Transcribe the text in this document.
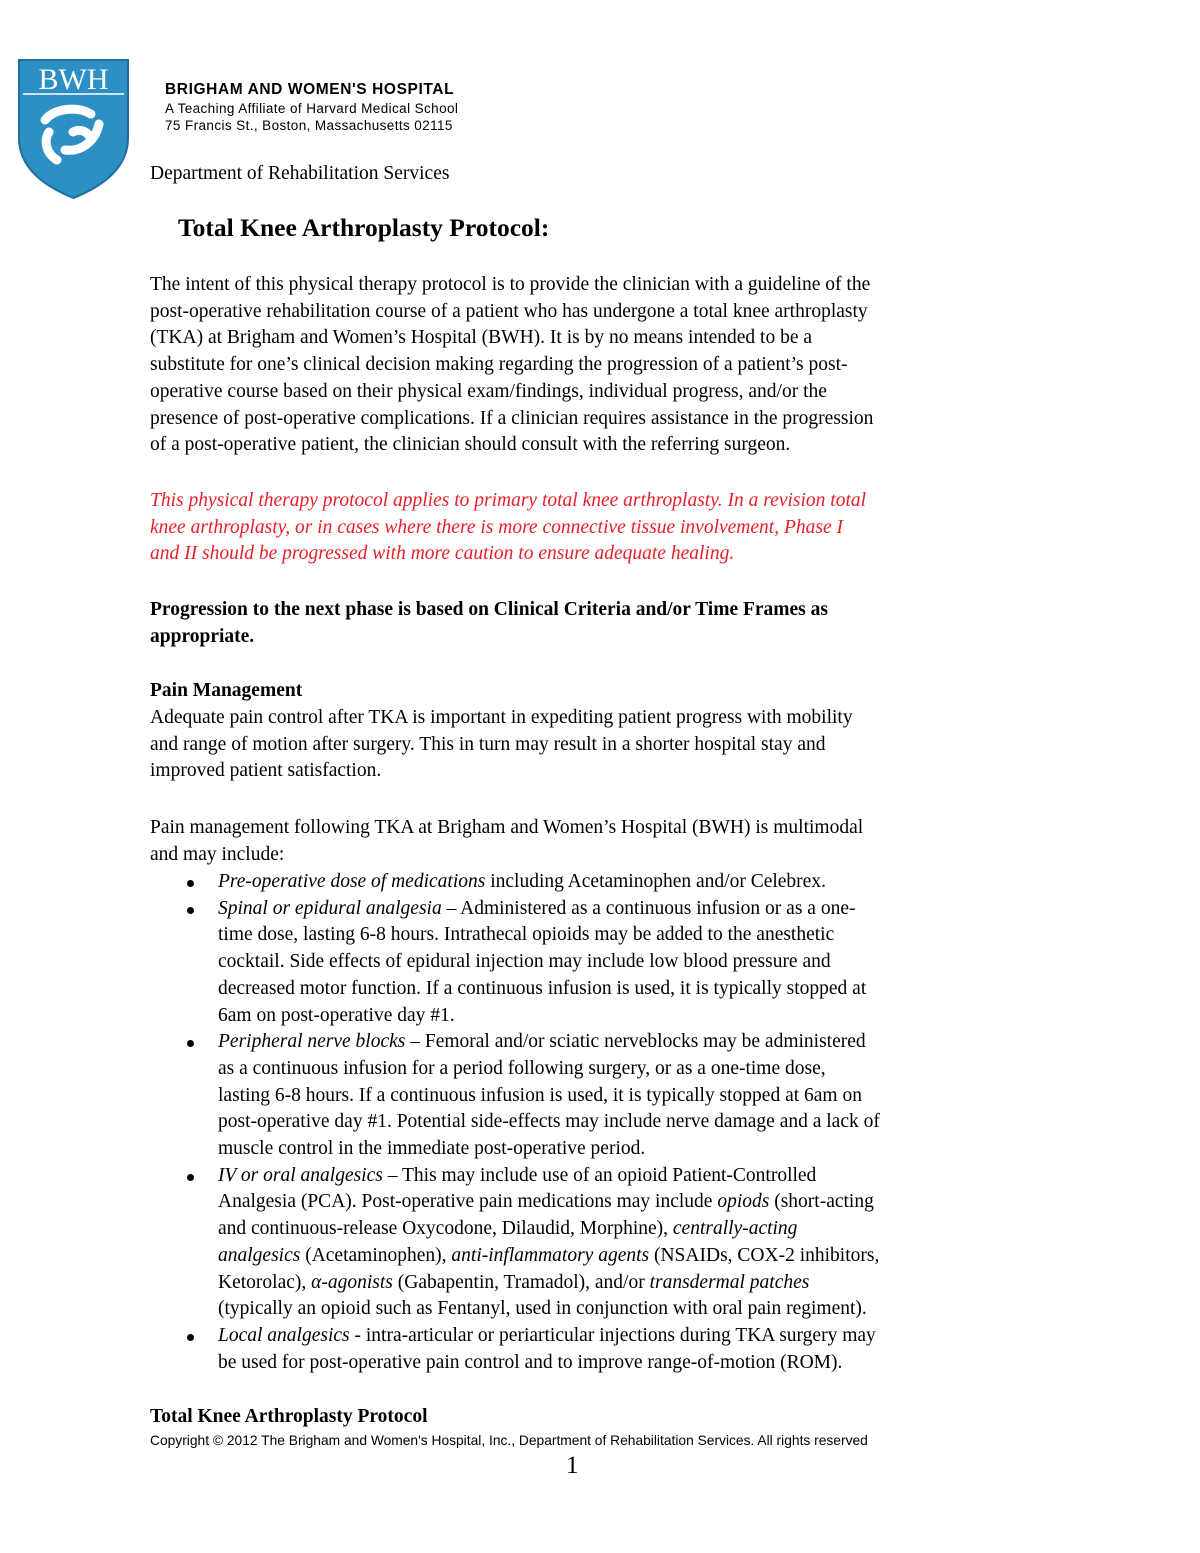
BWH	BRIGHAM AND WOMEN'S HOSPITAL
A Teaching Affiliate of Harvard Medical School
75 Francis St., Boston, Massachusetts 02115
Department of Rehabilitation Services
Total Knee Arthroplasty Protocol:
The intent of this physical therapy protocol is to provide the clinician with a guideline of the
post-operative rehabilitation course of a patient who has undergone a total knee arthroplasty
(TKA) at Brigham and Women’s Hospital (BWH). It is by no means intended to be a
substitute for one’s clinical decision making regarding the progression of a patient’s post-
operative course based on their physical exam/findings, individual progress, and/or the
presence of post-operative complications. If a clinician requires assistance in the progression
of a post-operative patient, the clinician should consult with the referring surgeon.
This physical therapy protocol applies to primary total knee arthroplasty. In a revision total
knee arthroplasty, or in cases where there is more connective tissue involvement, Phase I
and II should be progressed with more caution to ensure adequate healing.
Progression to the next phase is based on Clinical Criteria and/or Time Frames as
appropriate.
Pain Management
Adequate pain control after TKA is important in expediting patient progress with mobility
and range of motion after surgery. This in turn may result in a shorter hospital stay and
improved patient satisfaction.
Pain management following TKA at Brigham and Women’s Hospital (BWH) is multimodal
and may include:
Pre-operative dose of medications including Acetaminophen and/or Celebrex.
Spinal or epidural analgesia – Administered as a continuous infusion or as a one-
time dose, lasting 6-8 hours. Intrathecal opioids may be added to the anesthetic
cocktail. Side effects of epidural injection may include low blood pressure and
decreased motor function. If a continuous infusion is used, it is typically stopped at
6am on post-operative day #1.
Peripheral nerve blocks – Femoral and/or sciatic nerveblocks may be administered
as a continuous infusion for a period following surgery, or as a one-time dose,
lasting 6-8 hours. If a continuous infusion is used, it is typically stopped at 6am on
post-operative day #1. Potential side-effects may include nerve damage and a lack of
muscle control in the immediate post-operative period.
IV or oral analgesics – This may include use of an opioid Patient-Controlled
Analgesia (PCA). Post-operative pain medications may include opiods (short-acting
and continuous-release Oxycodone, Dilaudid, Morphine), centrally-acting
analgesics (Acetaminophen), anti-inflammatory agents (NSAIDs, COX-2 inhibitors,
Ketorolac), α-agonists (Gabapentin, Tramadol), and/or transdermal patches
(typically an opioid such as Fentanyl, used in conjunction with oral pain regiment).
Local analgesics - intra-articular or periarticular injections during TKA surgery may
be used for post-operative pain control and to improve range-of-motion (ROM).
Total Knee Arthroplasty Protocol
Copyright © 2012 The Brigham and Women's Hospital, Inc., Department of Rehabilitation Services. All rights reserved
1
